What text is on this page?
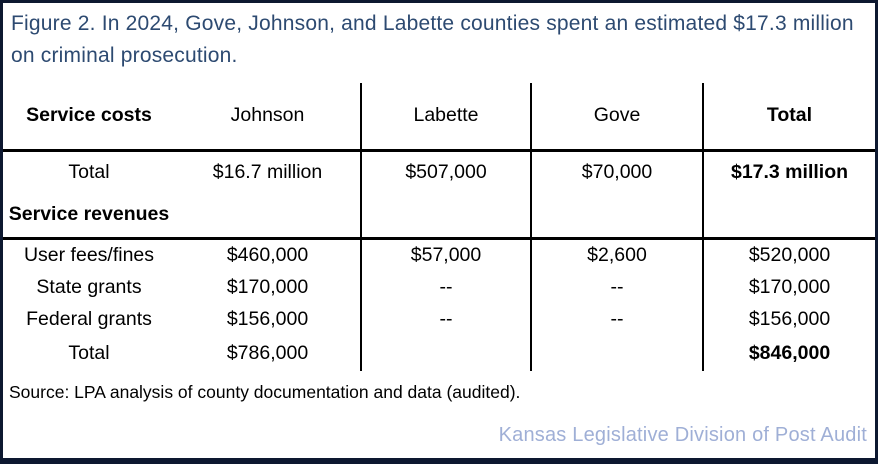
Figure 2. In 2024, Gove, Johnson, and Labette counties spent an estimated $17.3 million on criminal prosecution.
Service costs	Johnson	Labette	Gove	Total
Total	$16.7 million	$507,000	$70,000	$17.3 million
Service revenues				
User fees/fines	$460,000	$57,000	$2,600	$520,000
State grants	$170,000	--	--	$170,000
Federal grants	$156,000	--	--	$156,000
Total	$786,000			$846,000
Source: LPA analysis of county documentation and data (audited).
Kansas Legislative Division of Post Audit
